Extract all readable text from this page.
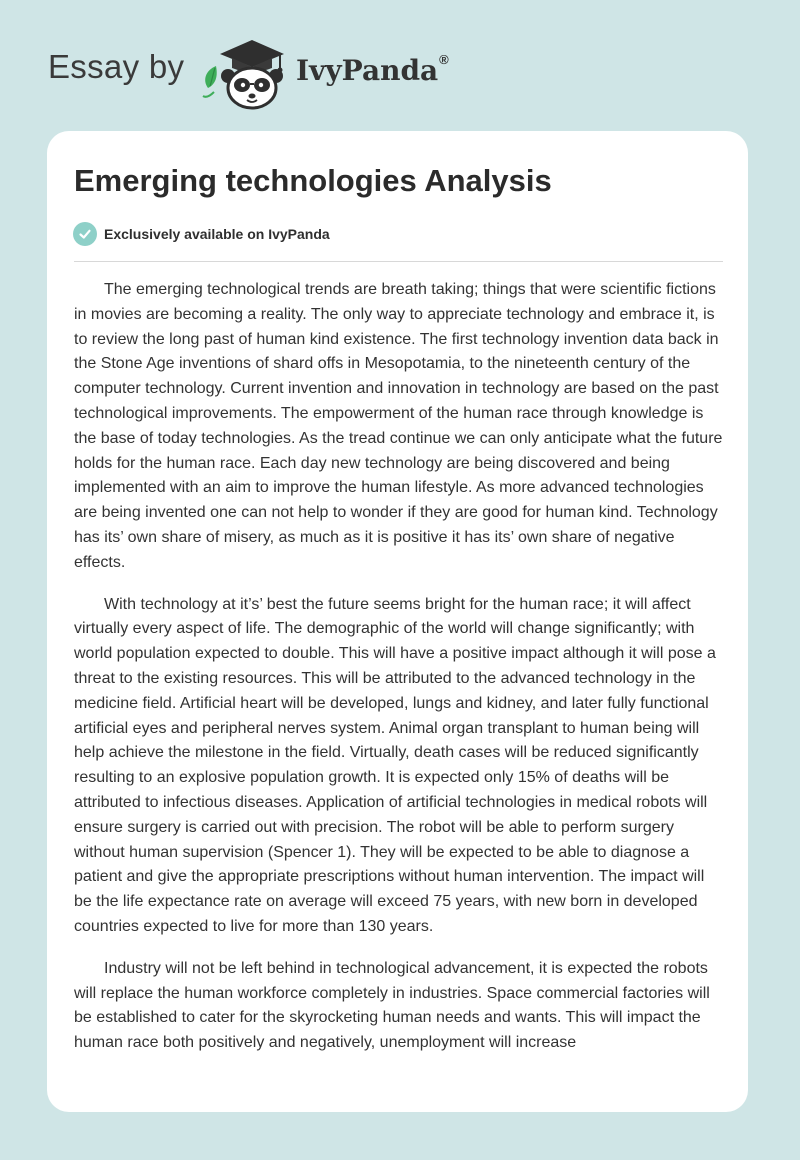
Essay by	IvyPanda®
Emerging technologies Analysis
Exclusively available on IvyPanda

The emerging technological trends are breath taking; things that were scientific fictions in movies are becoming a reality. The only way to appreciate technology and embrace it, is to review the long past of human kind existence. The first technology invention data back in the Stone Age inventions of shard offs in Mesopotamia, to the nineteenth century of the computer technology. Current invention and innovation in technology are based on the past technological improvements. The empowerment of the human race through knowledge is the base of today technologies. As the tread continue we can only anticipate what the future holds for the human race. Each day new technology are being discovered and being implemented with an aim to improve the human lifestyle. As more advanced technologies are being invented one can not help to wonder if they are good for human kind. Technology has its’ own share of misery, as much as it is positive it has its’ own share of negative effects.

With technology at it’s’ best the future seems bright for the human race; it will affect virtually every aspect of life. The demographic of the world will change significantly; with world population expected to double. This will have a positive impact although it will pose a threat to the existing resources. This will be attributed to the advanced technology in the medicine field. Artificial heart will be developed, lungs and kidney, and later fully functional artificial eyes and peripheral nerves system. Animal organ transplant to human being will help achieve the milestone in the field. Virtually, death cases will be reduced significantly resulting to an explosive population growth. It is expected only 15% of deaths will be attributed to infectious diseases. Application of artificial technologies in medical robots will ensure surgery is carried out with precision. The robot will be able to perform surgery without human supervision (Spencer 1). They will be expected to be able to diagnose a patient and give the appropriate prescriptions without human intervention. The impact will be the life expectance rate on average will exceed 75 years, with new born in developed countries expected to live for more than 130 years.

Industry will not be left behind in technological advancement, it is expected the robots will replace the human workforce completely in industries. Space commercial factories will be established to cater for the skyrocketing human needs and wants. This will impact the human race both positively and negatively, unemployment will increase
